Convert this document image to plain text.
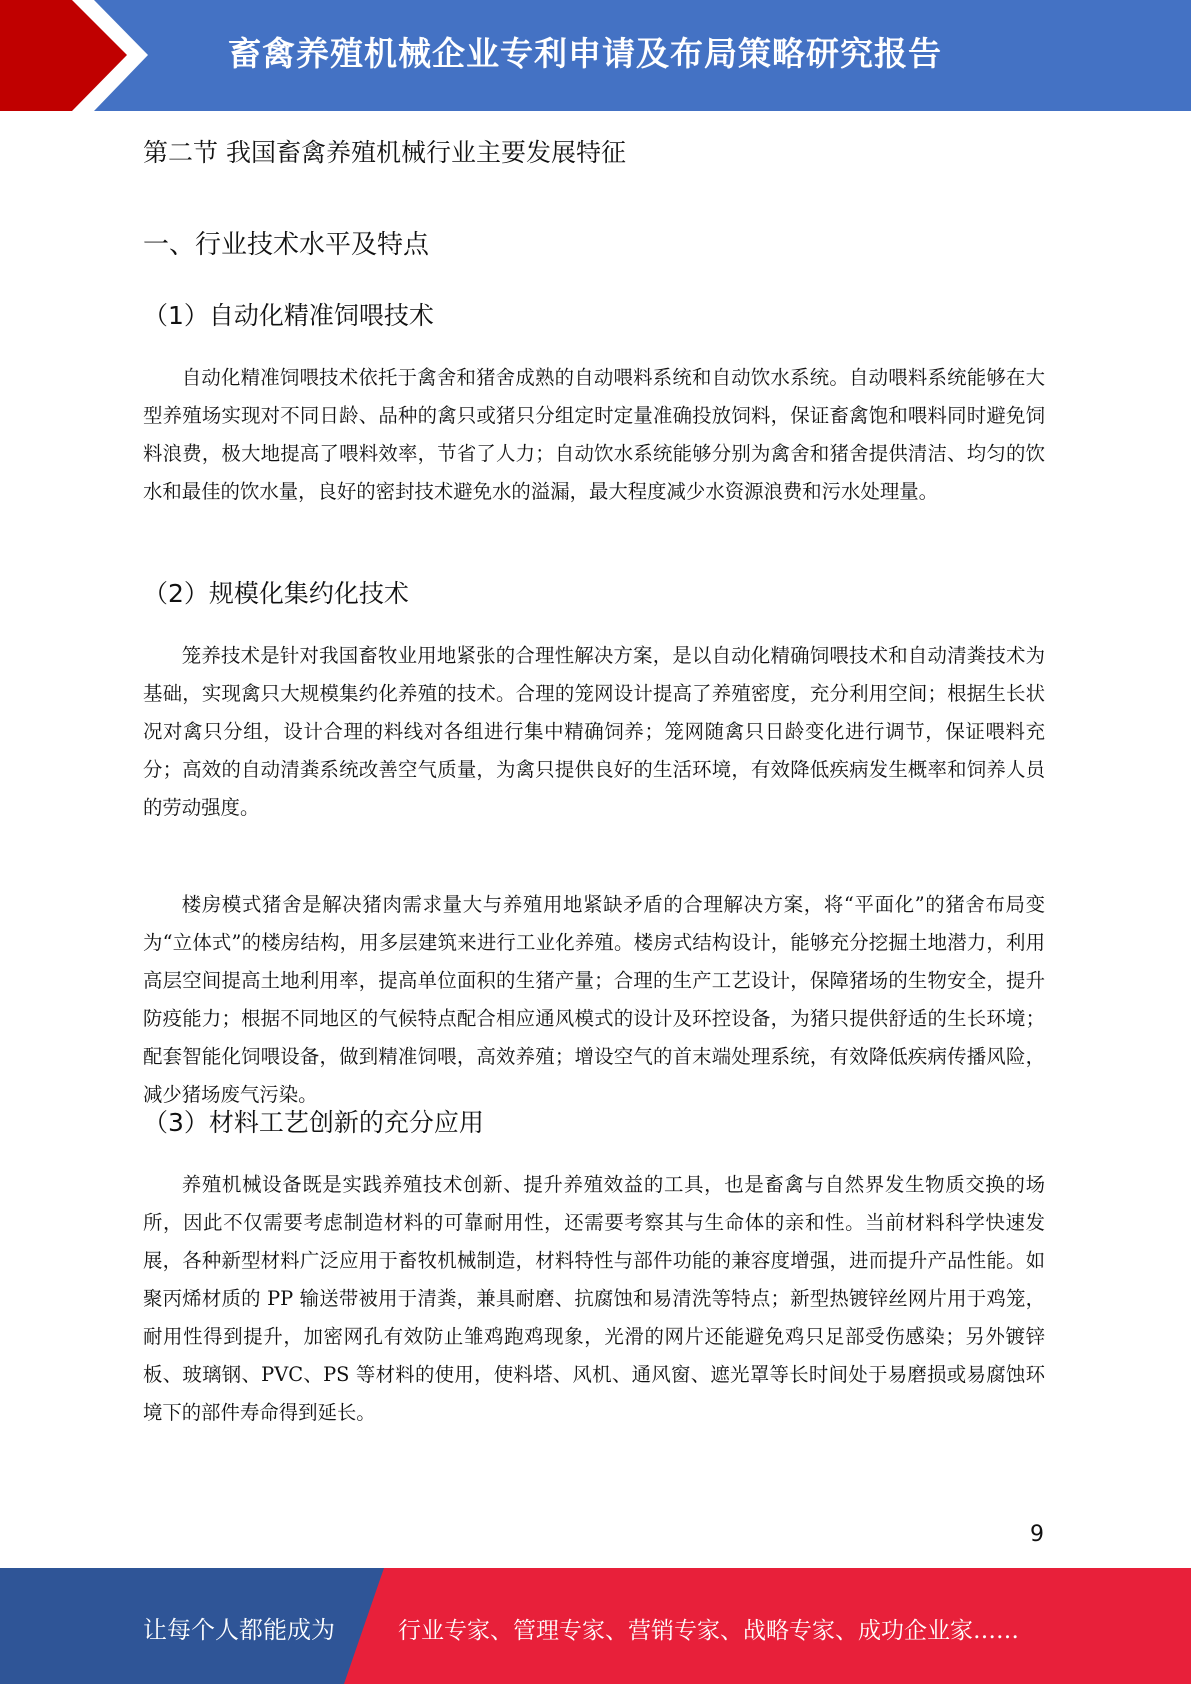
畜禽养殖机械企业专利申请及布局策略研究报告
第二节 我国畜禽养殖机械行业主要发展特征
一、行业技术水平及特点
（1）自动化精准饲喂技术

自动化精准饲喂技术依托于禽舍和猪舍成熟的自动喂料系统和自动饮水系统。自动喂料系统能够在大型养殖场实现对不同日龄、品种的禽只或猪只分组定时定量准确投放饲料，保证畜禽饱和喂料同时避免饲料浪费，极大地提高了喂料效率，节省了人力；自动饮水系统能够分别为禽舍和猪舍提供清洁、均匀的饮水和最佳的饮水量，良好的密封技术避免水的溢漏，最大程度减少水资源浪费和污水处理量。

（2）规模化集约化技术

笼养技术是针对我国畜牧业用地紧张的合理性解决方案，是以自动化精确饲喂技术和自动清粪技术为基础，实现禽只大规模集约化养殖的技术。合理的笼网设计提高了养殖密度，充分利用空间；根据生长状况对禽只分组，设计合理的料线对各组进行集中精确饲养；笼网随禽只日龄变化进行调节，保证喂料充分；高效的自动清粪系统改善空气质量，为禽只提供良好的生活环境，有效降低疾病发生概率和饲养人员的劳动强度。

楼房模式猪舍是解决猪肉需求量大与养殖用地紧缺矛盾的合理解决方案，将“平面化”的猪舍布局变为“立体式”的楼房结构，用多层建筑来进行工业化养殖。楼房式结构设计，能够充分挖掘土地潜力，利用高层空间提高土地利用率，提高单位面积的生猪产量；合理的生产工艺设计，保障猪场的生物安全，提升防疫能力；根据不同地区的气候特点配合相应通风模式的设计及环控设备，为猪只提供舒适的生长环境；配套智能化饲喂设备，做到精准饲喂，高效养殖；增设空气的首末端处理系统，有效降低疾病传播风险，减少猪场废气污染。

（3）材料工艺创新的充分应用

养殖机械设备既是实践养殖技术创新、提升养殖效益的工具，也是畜禽与自然界发生物质交换的场所，因此不仅需要考虑制造材料的可靠耐用性，还需要考察其与生命体的亲和性。当前材料科学快速发展，各种新型材料广泛应用于畜牧机械制造，材料特性与部件功能的兼容度增强，进而提升产品性能。如聚丙烯材质的 PP 输送带被用于清粪，兼具耐磨、抗腐蚀和易清洗等特点；新型热镀锌丝网片用于鸡笼，耐用性得到提升，加密网孔有效防止雏鸡跑鸡现象，光滑的网片还能避免鸡只足部受伤感染；另外镀锌板、玻璃钢、PVC、PS 等材料的使用，使料塔、风机、通风窗、遮光罩等长时间处于易磨损或易腐蚀环境下的部件寿命得到延长。

9
让每个人都能成为	行业专家、管理专家、营销专家、战略专家、成功企业家……
